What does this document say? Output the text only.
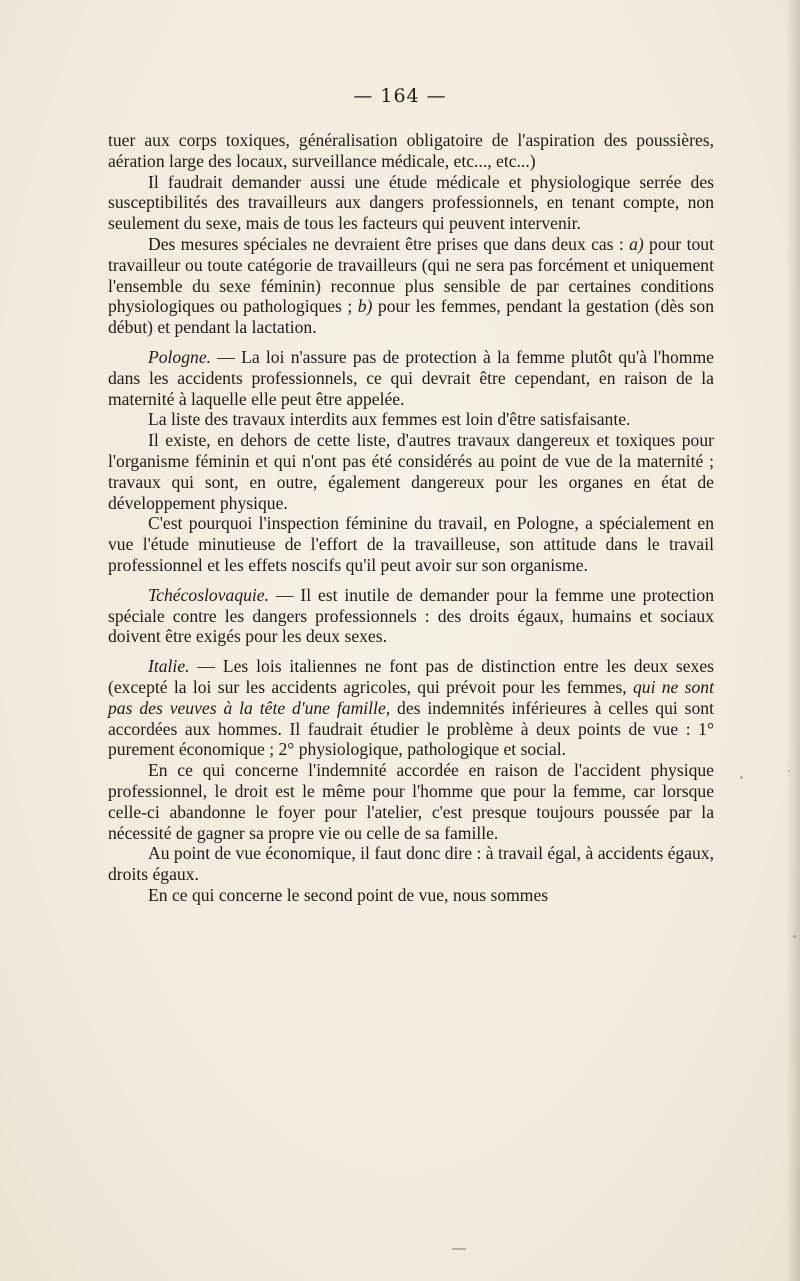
— 164 —

tuer aux corps toxiques, généralisation obligatoire de l'aspiration des poussières, aération large des locaux, surveillance médicale, etc..., etc...)

Il faudrait demander aussi une étude médicale et physiologique serrée des susceptibilités des travailleurs aux dangers professionnels, en tenant compte, non seulement du sexe, mais de tous les facteurs qui peuvent intervenir.

Des mesures spéciales ne devraient être prises que dans deux cas : a) pour tout travailleur ou toute catégorie de travailleurs (qui ne sera pas forcément et uniquement l'ensemble du sexe féminin) reconnue plus sensible de par certaines conditions physiologiques ou pathologiques ; b) pour les femmes, pendant la gestation (dès son début) et pendant la lactation.

Pologne. — La loi n'assure pas de protection à la femme plutôt qu'à l'homme dans les accidents professionnels, ce qui devrait être cependant, en raison de la maternité à laquelle elle peut être appelée.

La liste des travaux interdits aux femmes est loin d'être satisfaisante.

Il existe, en dehors de cette liste, d'autres travaux dangereux et toxiques pour l'organisme féminin et qui n'ont pas été considérés au point de vue de la maternité ; travaux qui sont, en outre, également dangereux pour les organes en état de développement physique.

C'est pourquoi l'inspection féminine du travail, en Pologne, a spécialement en vue l'étude minutieuse de l'effort de la travailleuse, son attitude dans le travail professionnel et les effets noscifs qu'il peut avoir sur son organisme.

Tchécoslovaquie. — Il est inutile de demander pour la femme une protection spéciale contre les dangers professionnels : des droits égaux, humains et sociaux doivent être exigés pour les deux sexes.

Italie. — Les lois italiennes ne font pas de distinction entre les deux sexes (excepté la loi sur les accidents agricoles, qui prévoit pour les femmes, qui ne sont pas des veuves à la tête d'une famille, des indemnités inférieures à celles qui sont accordées aux hommes. Il faudrait étudier le problème à deux points de vue : 1° purement économique ; 2° physiologique, pathologique et social.

En ce qui concerne l'indemnité accordée en raison de l'accident physique professionnel, le droit est le même pour l'homme que pour la femme, car lorsque celle-ci abandonne le foyer pour l'atelier, c'est presque toujours poussée par la nécessité de gagner sa propre vie ou celle de sa famille.

Au point de vue économique, il faut donc dire : à travail égal, à accidents égaux, droits égaux.

En ce qui concerne le second point de vue, nous sommes
